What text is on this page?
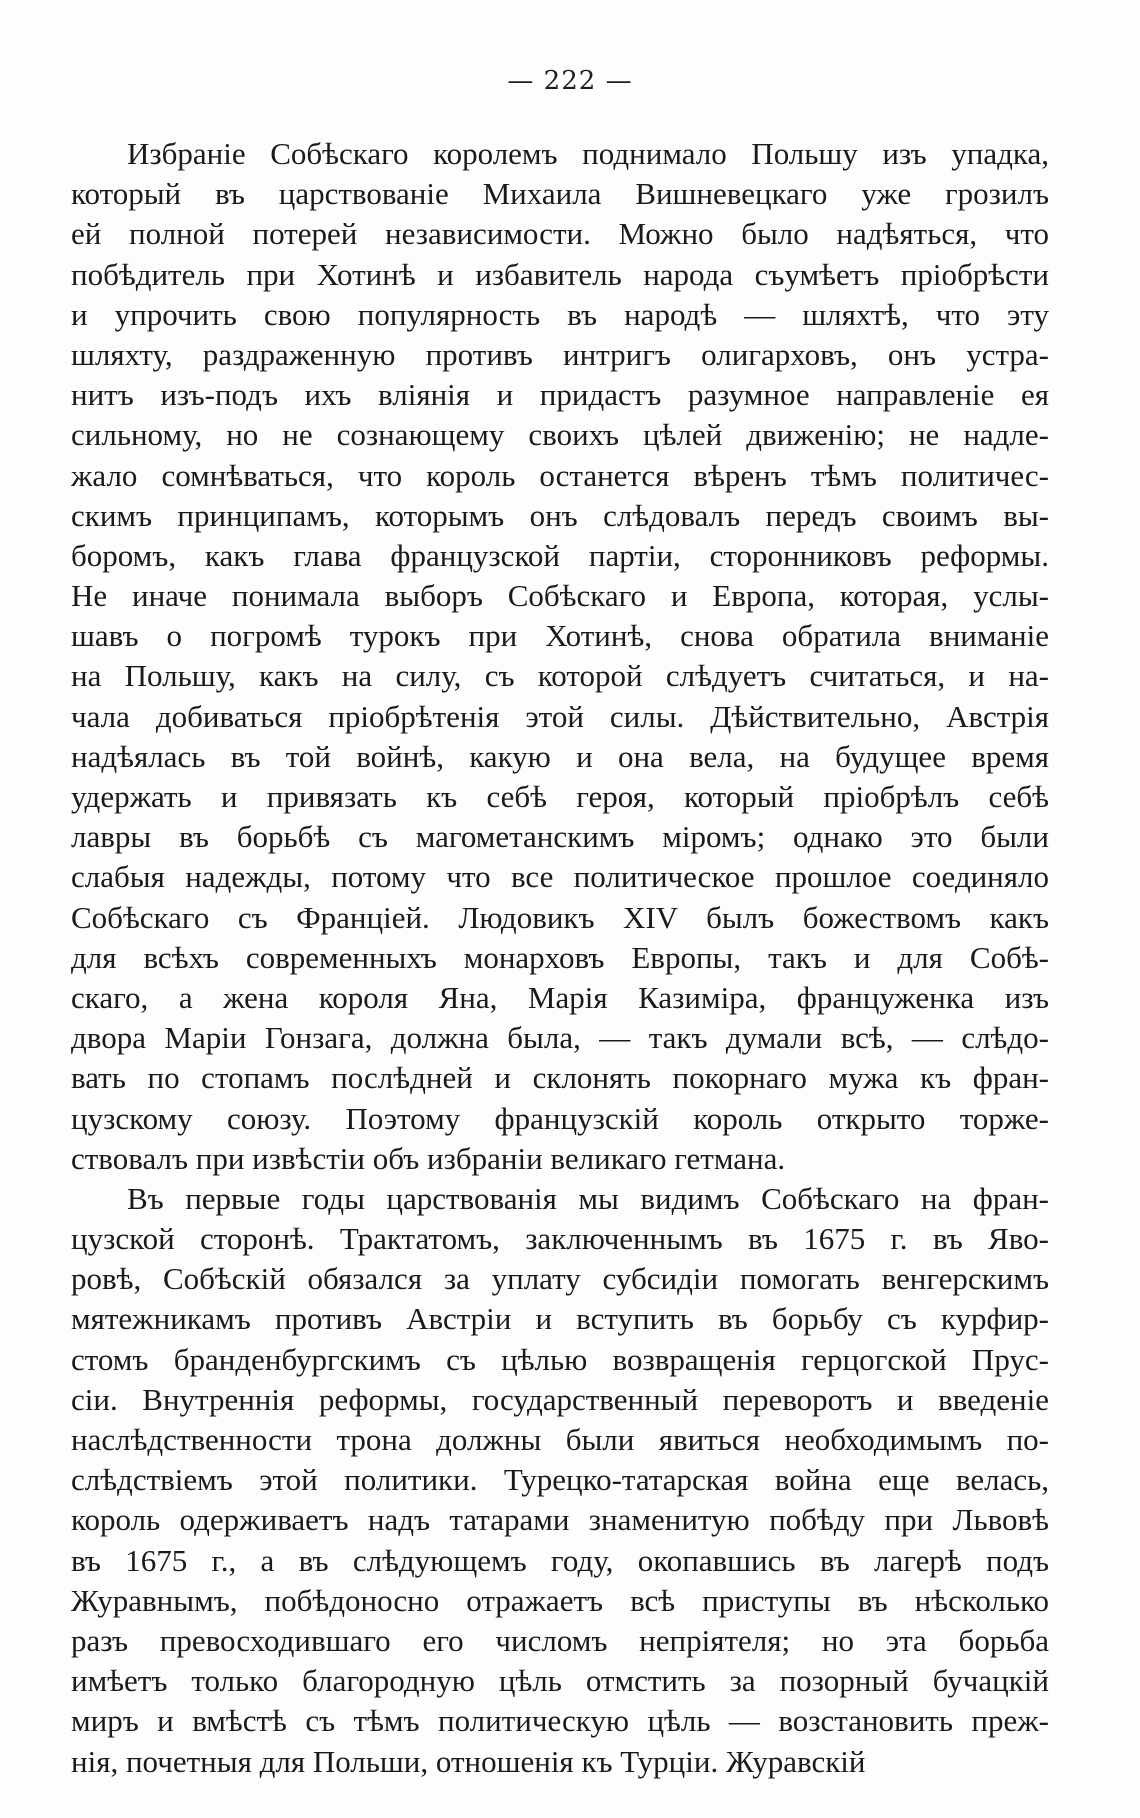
— 222 —
Избраніе Собѣскаго королемъ поднимало Польшу изъ упадка,
который въ царствованіе Михаила Вишневецкаго уже грозилъ
ей полной потерей независимости. Можно было надѣяться, что
побѣдитель при Хотинѣ и избавитель народа съумѣетъ пріобрѣсти
и упрочить свою популярность въ народѣ — шляхтѣ, что эту
шляхту, раздраженную противъ интригъ олигарховъ, онъ устра-
нитъ изъ-подъ ихъ вліянія и придастъ разумное направленіе ея
сильному, но не сознающему своихъ цѣлей движенію; не надле-
жало сомнѣваться, что король останется вѣренъ тѣмъ политичес-
скимъ принципамъ, которымъ онъ слѣдовалъ передъ своимъ вы-
боромъ, какъ глава французской партіи, сторонниковъ реформы.
Не иначе понимала выборъ Собѣскаго и Европа, которая, услы-
шавъ о погромѣ турокъ при Хотинѣ, снова обратила вниманіе
на Польшу, какъ на силу, съ которой слѣдуетъ считаться, и на-
чала добиваться пріобрѣтенія этой силы. Дѣйствительно, Австрія
надѣялась въ той войнѣ, какую и она вела, на будущее время
удержать и привязать къ себѣ героя, который пріобрѣлъ себѣ
лавры въ борьбѣ съ магометанскимъ міромъ; однако это были
слабыя надежды, потому что все политическое прошлое соединяло
Собѣскаго съ Франціей. Людовикъ XIV былъ божествомъ какъ
для всѣхъ современныхъ монарховъ Европы, такъ и для Собѣ-
скаго, а жена короля Яна, Марія Казиміра, француженка изъ
двора Маріи Гонзага, должна была, — такъ думали всѣ, — слѣдо-
вать по стопамъ послѣдней и склонять покорнаго мужа къ фран-
цузскому союзу. Поэтому французскій король открыто торже-
ствовалъ при извѣстіи объ избраніи великаго гетмана.
Въ первые годы царствованія мы видимъ Собѣскаго на фран-
цузской сторонѣ. Трактатомъ, заключеннымъ въ 1675 г. въ Яво-
ровѣ, Собѣскій обязался за уплату субсидіи помогать венгерскимъ
мятежникамъ противъ Австріи и вступить въ борьбу съ курфир-
стомъ бранденбургскимъ съ цѣлью возвращенія герцогской Прус-
сіи. Внутреннія реформы, государственный переворотъ и введеніе
наслѣдственности трона должны были явиться необходимымъ по-
слѣдствіемъ этой политики. Турецко-татарская война еще велась,
король одерживаетъ надъ татарами знаменитую побѣду при Львовѣ
въ 1675 г., а въ слѣдующемъ году, окопавшись въ лагерѣ подъ
Журавнымъ, побѣдоносно отражаетъ всѣ приступы въ нѣсколько
разъ превосходившаго его числомъ непріятеля; но эта борьба
имѣетъ только благородную цѣль отмстить за позорный бучацкій
миръ и вмѣстѣ съ тѣмъ политическую цѣль — возстановить преж-
нія, почетныя для Польши, отношенія къ Турціи. Журавскій
